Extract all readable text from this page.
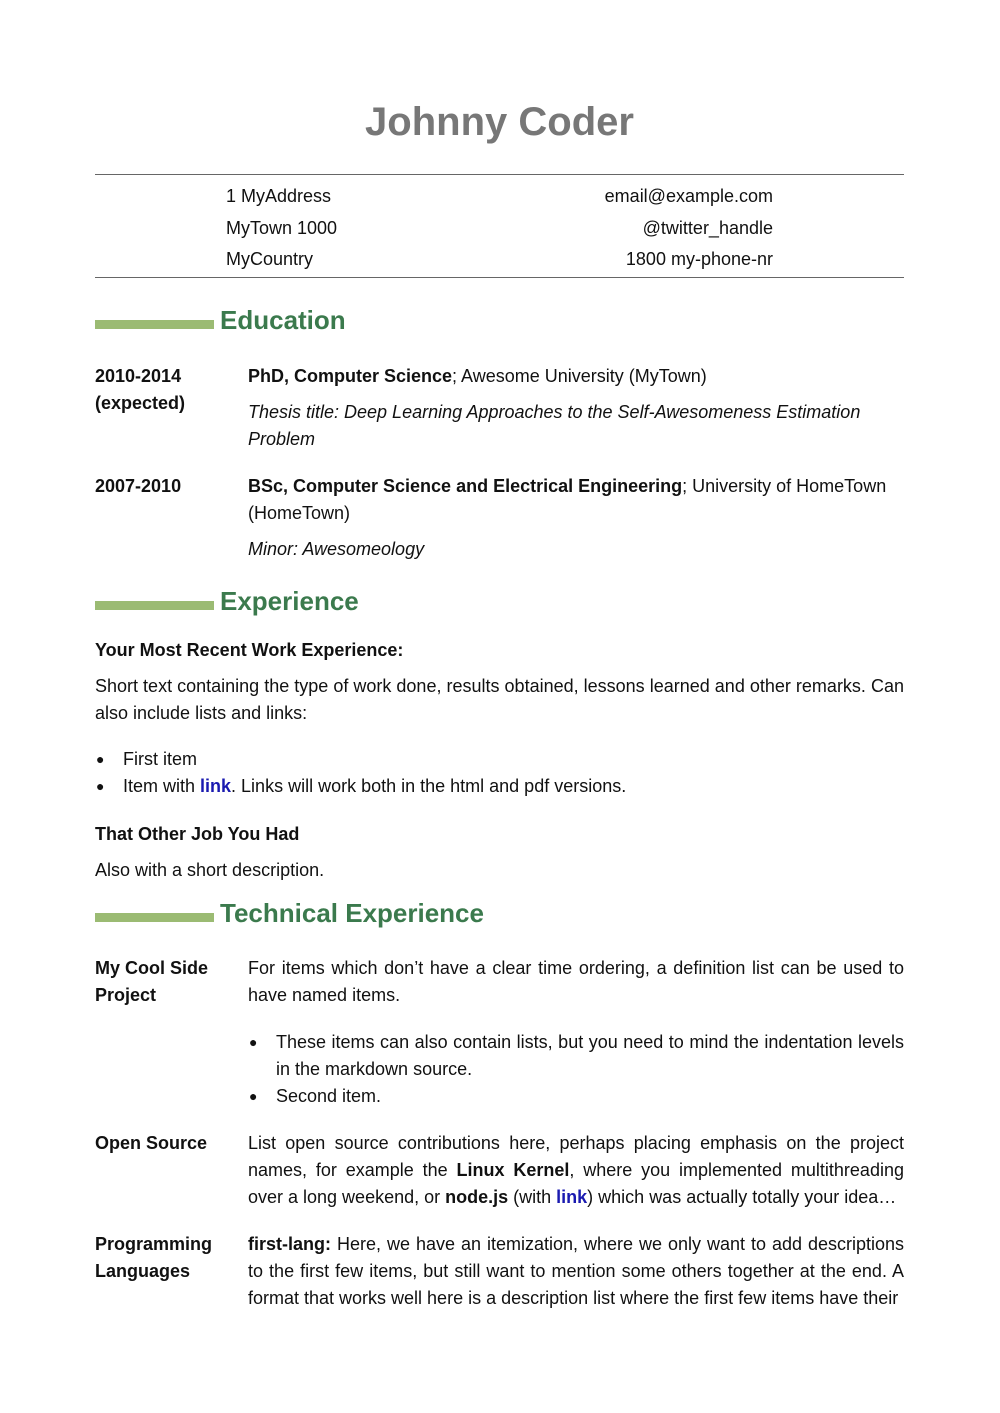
Johnny Coder
1 MyAddress
MyTown 1000
MyCountry
email@example.com
@twitter_handle
1800 my-phone-nr
Education
2010-2014
(expected)

PhD, Computer Science; Awesome University (MyTown)

Thesis title: Deep Learning Approaches to the Self-Awesomeness Estimation Problem

2007-2010	BSc, Computer Science and Electrical Engineering; University of HomeTown (HomeTown)

Minor: Awesomeology

Experience

Your Most Recent Work Experience:

Short text containing the type of work done, results obtained, lessons learned and other remarks. Can also include lists and links:

● First item
● Item with link. Links will work both in the html and pdf versions.

That Other Job You Had

Also with a short description.

Technical Experience
My Cool Side
Project

For items which don’t have a clear time ordering, a definition list can be used to have named items.

● These items can also contain lists, but you need to mind the indentation levels in the markdown source.
● Second item.
Open Source	List open source contributions here, perhaps placing emphasis on the project names, for example the Linux Kernel, where you implemented multithreading over a long weekend, or node.js (with link) which was actually totally your idea…

Programming
Languages

first-lang: Here, we have an itemization, where we only want to add descriptions to the first few items, but still want to mention some others together at the end. A format that works well here is a description list where the first few items have their
